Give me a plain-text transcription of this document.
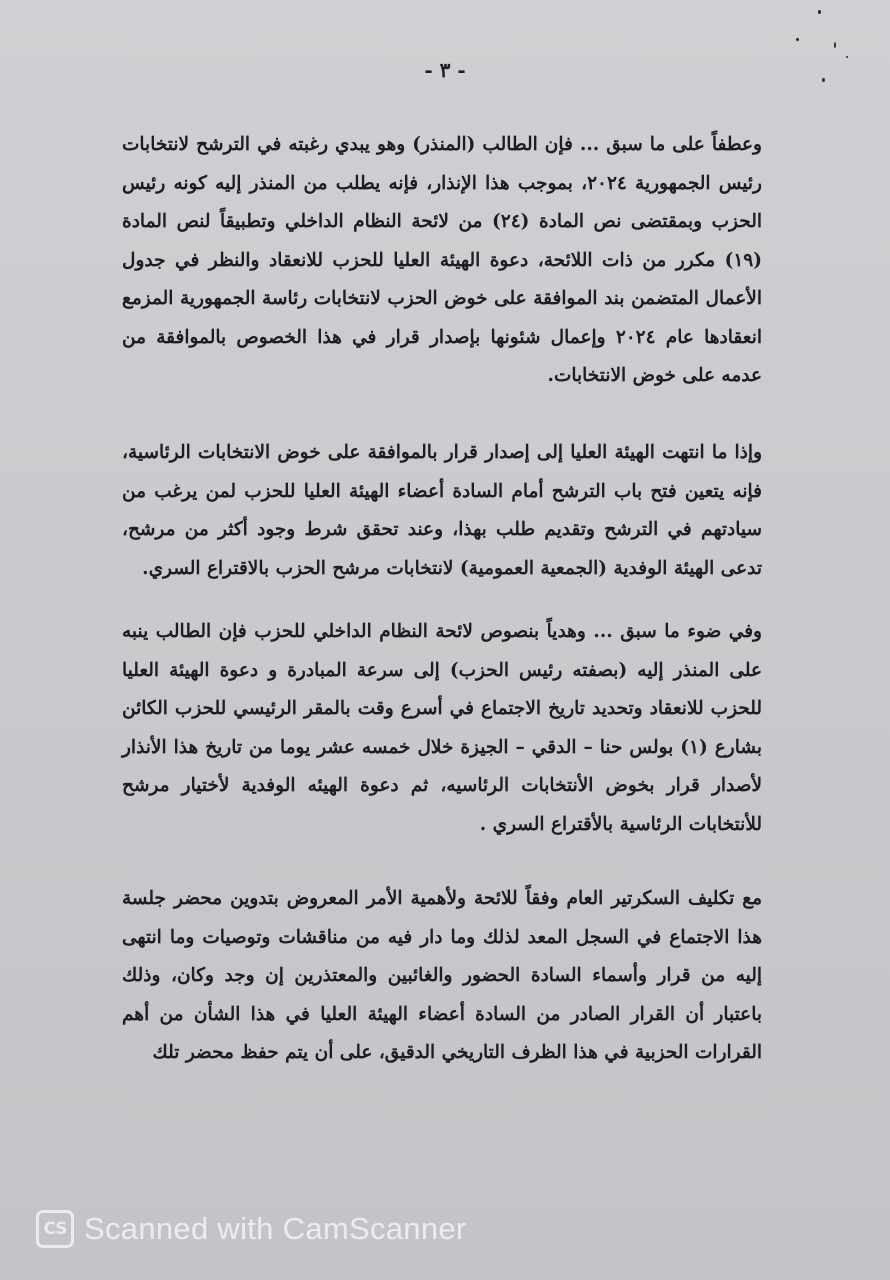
- ٣ -

وعطفاً على ما سبق ... فإن الطالب (المنذر) وهو يبدي رغبته في الترشح لانتخابات رئيس الجمهورية ٢٠٢٤، بموجب هذا الإنذار، فإنه يطلب من المنذر إليه كونه رئيس الحزب وبمقتضى نص المادة (٢٤) من لائحة النظام الداخلي وتطبيقاً لنص المادة (١٩) مكرر من ذات اللائحة، دعوة الهيئة العليا للحزب للانعقاد والنظر في جدول الأعمال المتضمن بند الموافقة على خوض الحزب لانتخابات رئاسة الجمهورية المزمع انعقادها عام ٢٠٢٤ وإعمال شئونها بإصدار قرار في هذا الخصوص بالموافقة من عدمه على خوض الانتخابات.

وإذا ما انتهت الهيئة العليا إلى إصدار قرار بالموافقة على خوض الانتخابات الرئاسية، فإنه يتعين فتح باب الترشح أمام السادة أعضاء الهيئة العليا للحزب لمن يرغب من سيادتهم في الترشح وتقديم طلب بهذا، وعند تحقق شرط وجود أكثر من مرشح، تدعى الهيئة الوفدية (الجمعية العمومية) لانتخابات مرشح الحزب بالاقتراع السري.

وفي ضوء ما سبق ... وهدياً بنصوص لائحة النظام الداخلي للحزب فإن الطالب ينبه على المنذر إليه (بصفته رئيس الحزب) إلى سرعة المبادرة و دعوة الهيئة العليا للحزب للانعقاد وتحديد تاريخ الاجتماع في أسرع وقت بالمقر الرئيسي للحزب الكائن بشارع (١) بولس حنا – الدقي – الجيزة خلال خمسه عشر يوما من تاريخ هذا الأنذار لأصدار قرار بخوض الأنتخابات الرئاسيه، ثم دعوة الهيئه الوفدية لأختيار مرشح للأنتخابات الرئاسية بالأقتراع السري .

مع تكليف السكرتير العام وفقاً للائحة ولأهمية الأمر المعروض بتدوين محضر جلسة هذا الاجتماع في السجل المعد لذلك وما دار فيه من مناقشات وتوصيات وما انتهى إليه من قرار وأسماء السادة الحضور والغائبين والمعتذرين إن وجد وكان، وذلك باعتبار أن القرار الصادر من السادة أعضاء الهيئة العليا في هذا الشأن من أهم القرارات الحزبية في هذا الظرف التاريخي الدقيق، على أن يتم حفظ محضر تلك

CS Scanned with CamScanner
